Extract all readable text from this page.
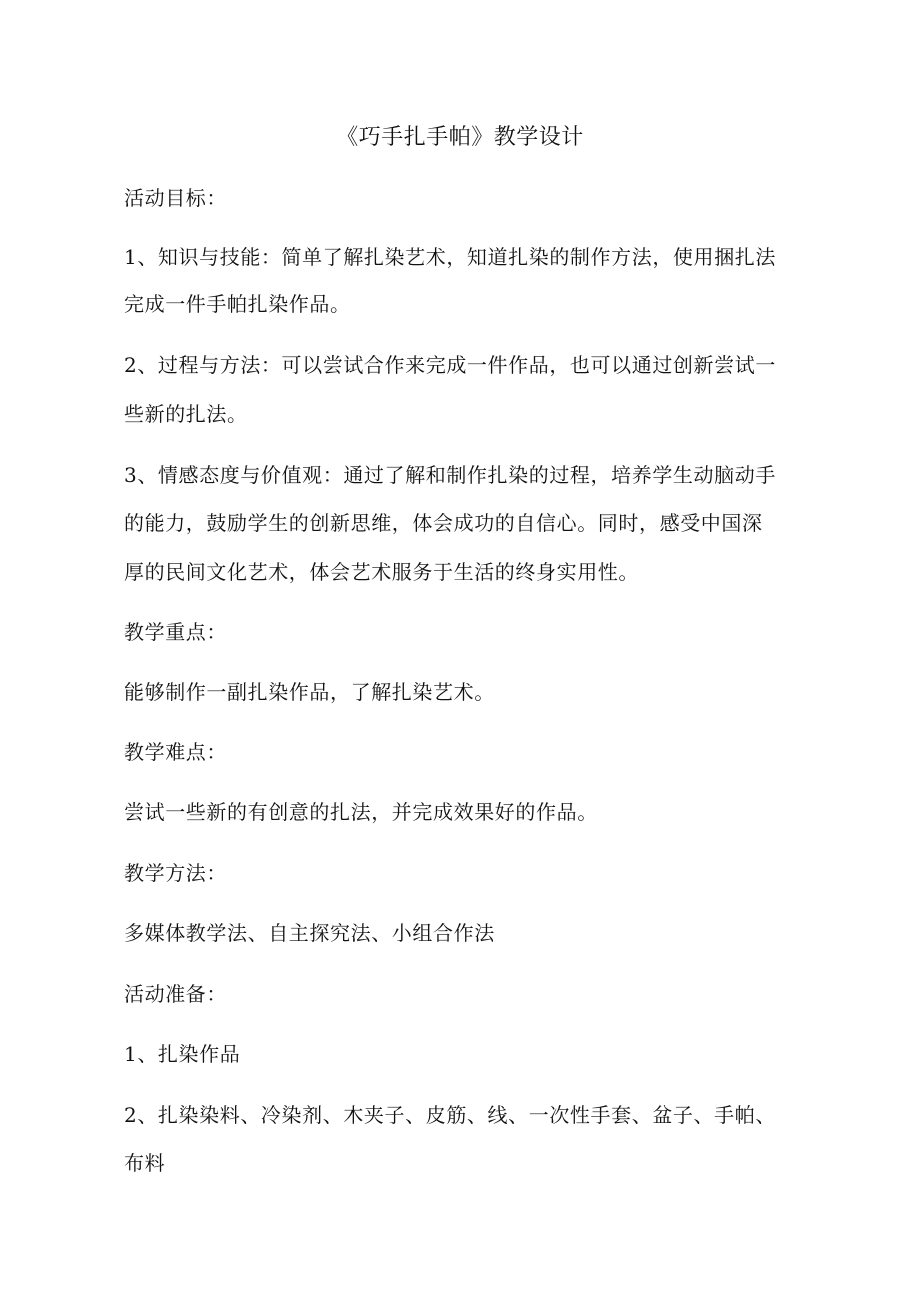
《巧手扎手帕》教学设计

活动目标：

1、知识与技能：简单了解扎染艺术，知道扎染的制作方法，使用捆扎法

完成一件手帕扎染作品。

2、过程与方法：可以尝试合作来完成一件作品，也可以通过创新尝试一

些新的扎法。

3、情感态度与价值观：通过了解和制作扎染的过程，培养学生动脑动手

的能力，鼓励学生的创新思维，体会成功的自信心。同时，感受中国深

厚的民间文化艺术，体会艺术服务于生活的终身实用性。

教学重点：

能够制作一副扎染作品，了解扎染艺术。

教学难点：

尝试一些新的有创意的扎法，并完成效果好的作品。

教学方法：

多媒体教学法、自主探究法、小组合作法

活动准备：

1、扎染作品

2、扎染染料、冷染剂、木夹子、皮筋、线、一次性手套、盆子、手帕、

布料
